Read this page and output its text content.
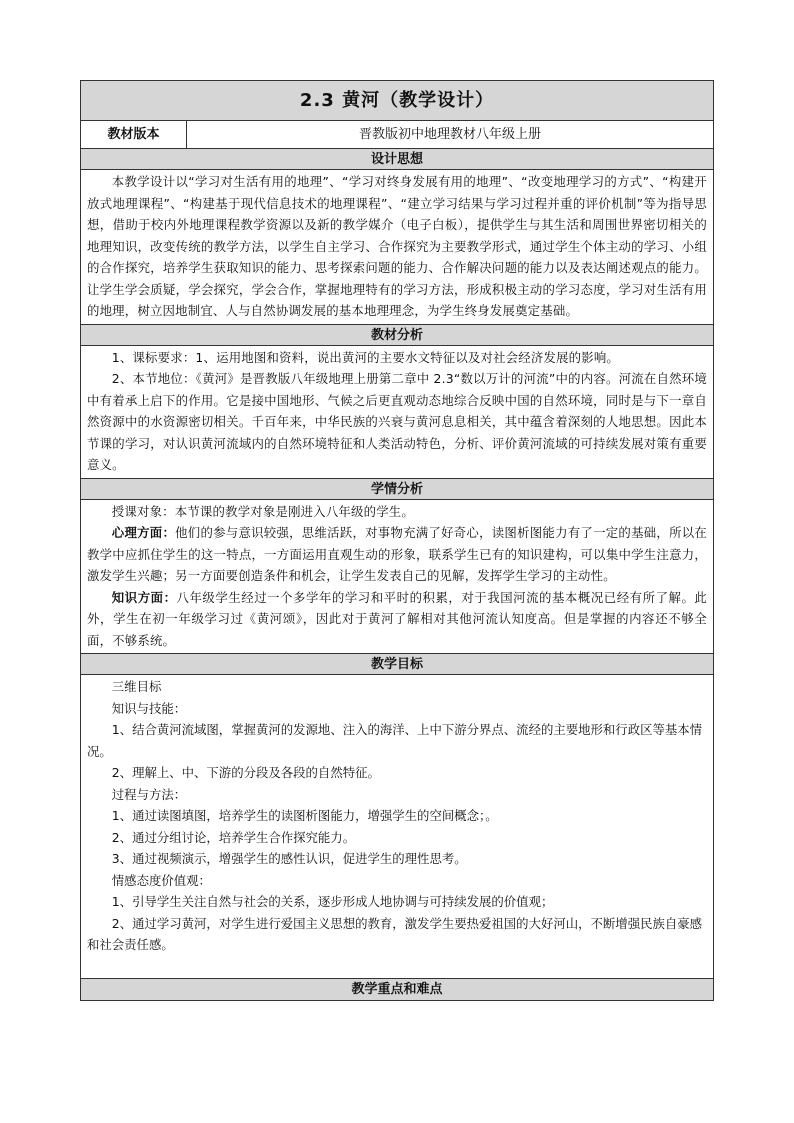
2.3 黄河（教学设计）
教材版本	晋教版初中地理教材八年级上册
设计思想

本教学设计以“学习对生活有用的地理”、“学习对终身发展有用的地理”、“改变地理学习的方式”、“构建开放式地理课程”、“构建基于现代信息技术的地理课程”、“建立学习结果与学习过程并重的评价机制”等为指导思想，借助于校内外地理课程教学资源以及新的教学媒介（电子白板），提供学生与其生活和周围世界密切相关的地理知识，改变传统的教学方法，以学生自主学习、合作探究为主要教学形式，通过学生个体主动的学习、小组的合作探究，培养学生获取知识的能力、思考探索问题的能力、合作解决问题的能力以及表达阐述观点的能力。让学生学会质疑，学会探究，学会合作，掌握地理特有的学习方法，形成积极主动的学习态度，学习对生活有用的地理，树立因地制宜、人与自然协调发展的基本地理理念，为学生终身发展奠定基础。

教材分析

1、课标要求：1、运用地图和资料，说出黄河的主要水文特征以及对社会经济发展的影响。

2、本节地位：《黄河》是晋教版八年级地理上册第二章中 2.3“数以万计的河流”中的内容。河流在自然环境中有着承上启下的作用。它是接中国地形、气候之后更直观动态地综合反映中国的自然环境，同时是与下一章自然资源中的水资源密切相关。千百年来，中华民族的兴衰与黄河息息相关，其中蕴含着深刻的人地思想。因此本节课的学习，对认识黄河流域内的自然环境特征和人类活动特色，分析、评价黄河流域的可持续发展对策有重要意义。

学情分析

授课对象：本节课的教学对象是刚进入八年级的学生。

心理方面：他们的参与意识较强，思维活跃，对事物充满了好奇心，读图析图能力有了一定的基础，所以在教学中应抓住学生的这一特点，一方面运用直观生动的形象，联系学生已有的知识建构，可以集中学生注意力，激发学生兴趣；另一方面要创造条件和机会，让学生发表自己的见解，发挥学生学习的主动性。

知识方面：八年级学生经过一个多学年的学习和平时的积累，对于我国河流的基本概况已经有所了解。此外，学生在初一年级学习过《黄河颂》，因此对于黄河了解相对其他河流认知度高。但是掌握的内容还不够全面，不够系统。

教学目标

三维目标

知识与技能：

1、结合黄河流域图，掌握黄河的发源地、注入的海洋、上中下游分界点、流经的主要地形和行政区等基本情况。

2、理解上、中、下游的分段及各段的自然特征。

过程与方法：

1、通过读图填图，培养学生的读图析图能力，增强学生的空间概念；。

2、通过分组讨论，培养学生合作探究能力。

3、通过视频演示，增强学生的感性认识，促进学生的理性思考。

情感态度价值观：

1、引导学生关注自然与社会的关系，逐步形成人地协调与可持续发展的价值观；

2、通过学习黄河，对学生进行爱国主义思想的教育，激发学生要热爱祖国的大好河山，不断增强民族自豪感和社会责任感。

教学重点和难点
